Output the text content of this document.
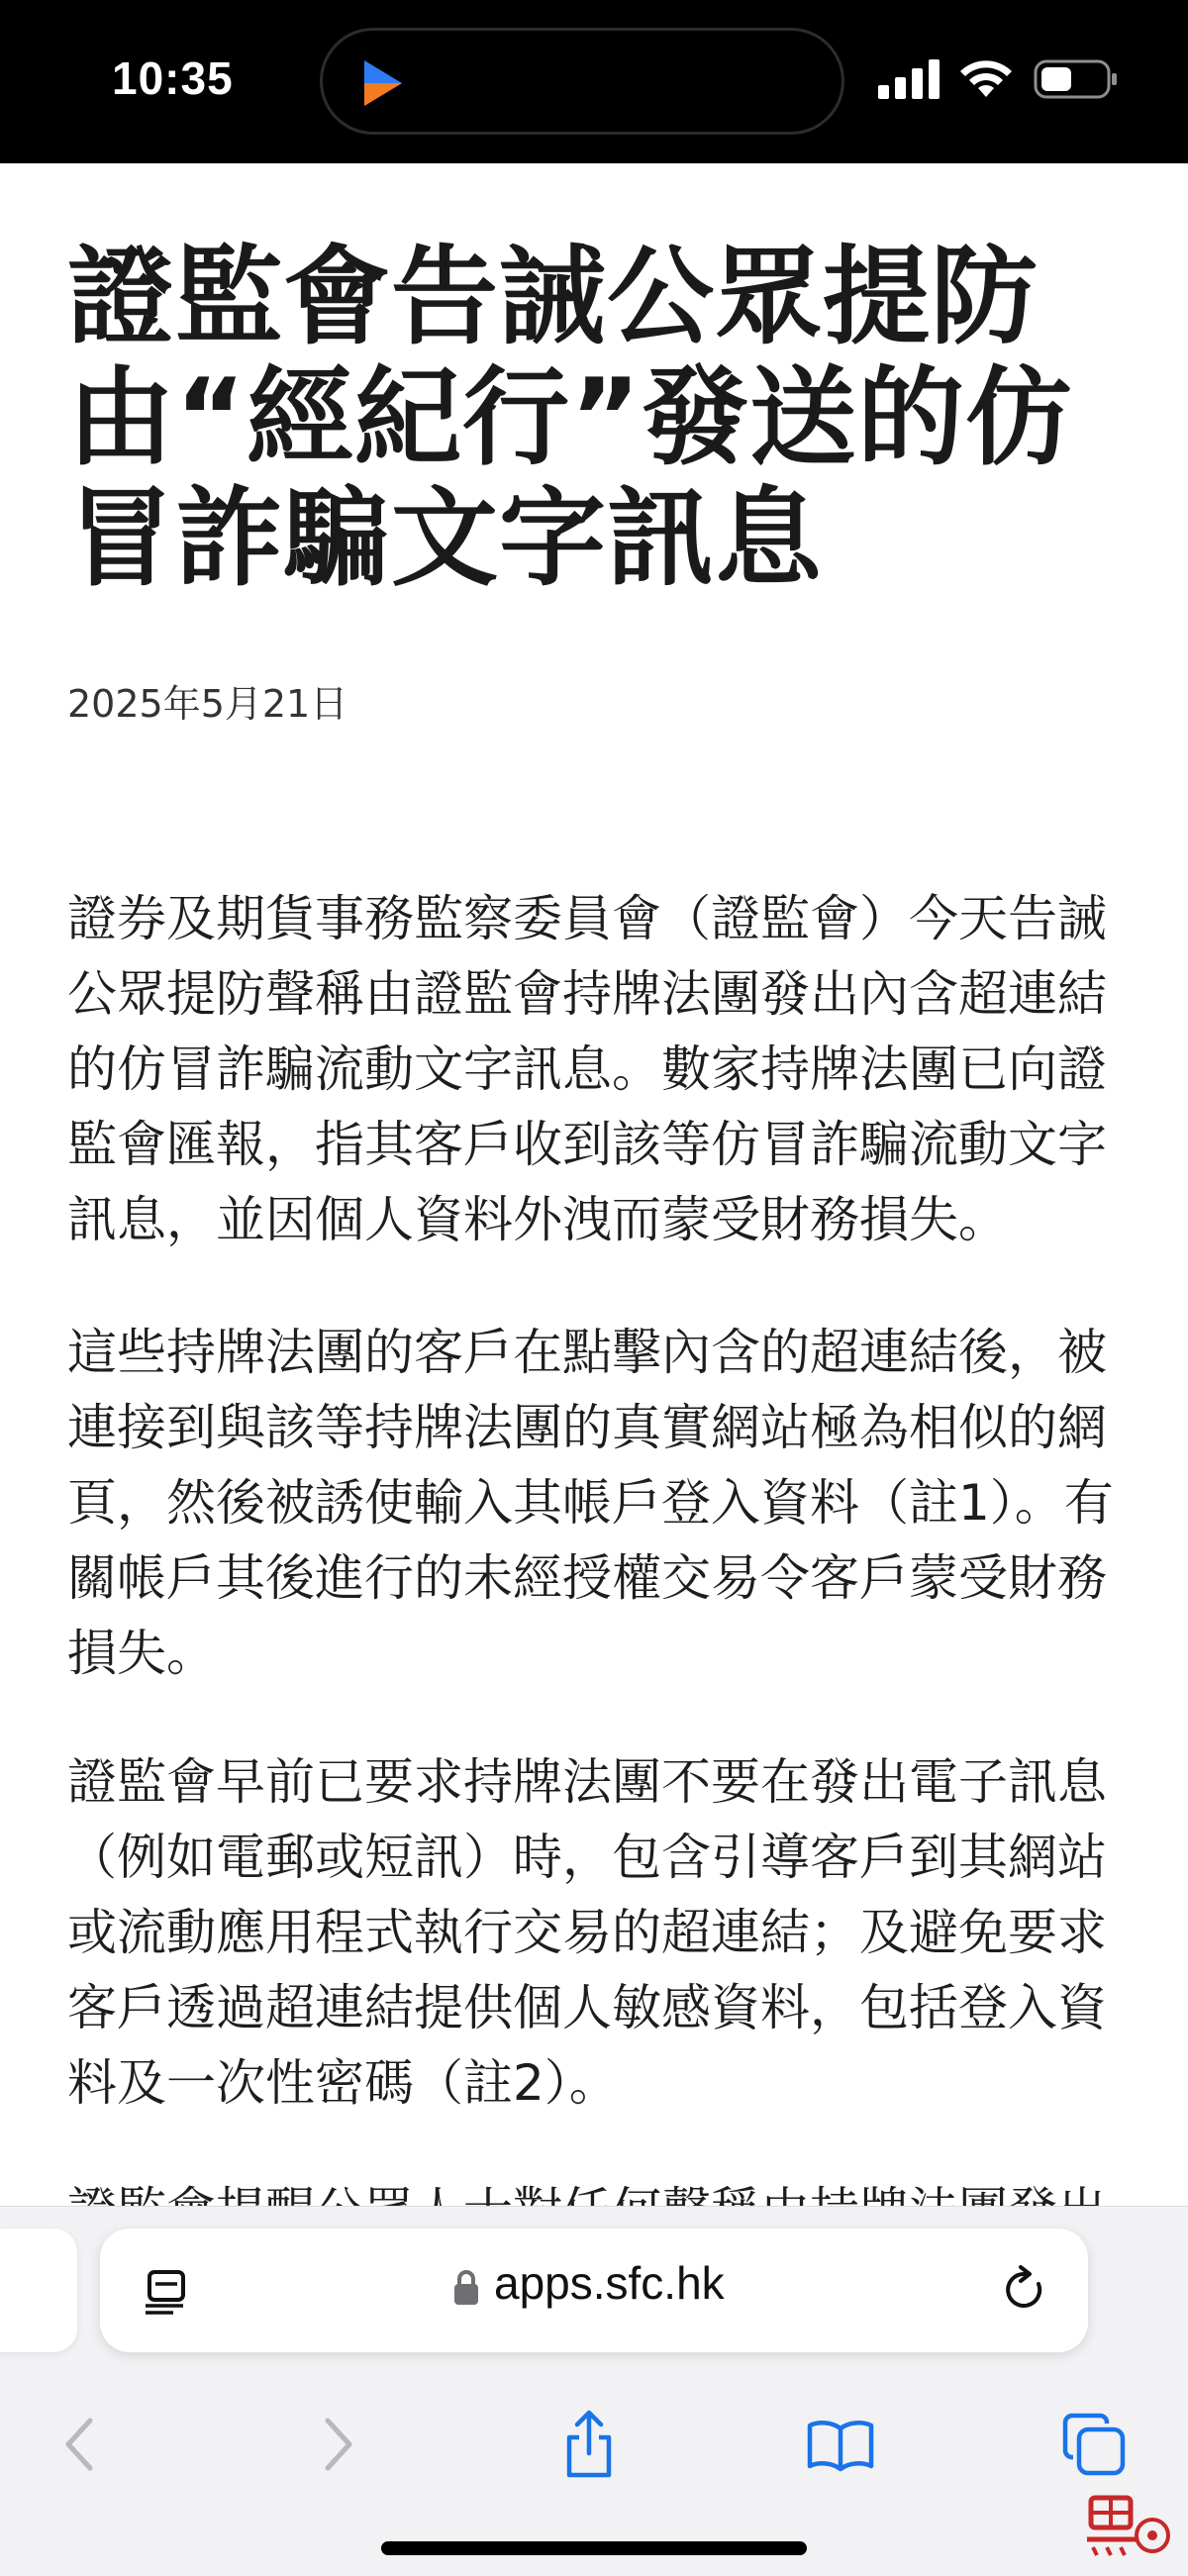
10:35
證監會告誡公眾提防由“經紀行”發送的仿冒詐騙文字訊息
2025年5月21日

證券及期貨事務監察委員會（證監會）今天告誡公眾提防聲稱由證監會持牌法團發出內含超連結的仿冒詐騙流動文字訊息。數家持牌法團已向證監會匯報，指其客戶收到該等仿冒詐騙流動文字訊息，並因個人資料外洩而蒙受財務損失。

這些持牌法團的客戶在點擊內含的超連結後，被連接到與該等持牌法團的真實網站極為相似的網頁，然後被誘使輸入其帳戶登入資料（註1）。有關帳戶其後進行的未經授權交易令客戶蒙受財務損失。

證監會早前已要求持牌法團不要在發出電子訊息（例如電郵或短訊）時，包含引導客戶到其網站或流動應用程式執行交易的超連結；及避免要求客戶透過超連結提供個人敏感資料，包括登入資料及一次性密碼（註2）。

apps.sfc.hk
